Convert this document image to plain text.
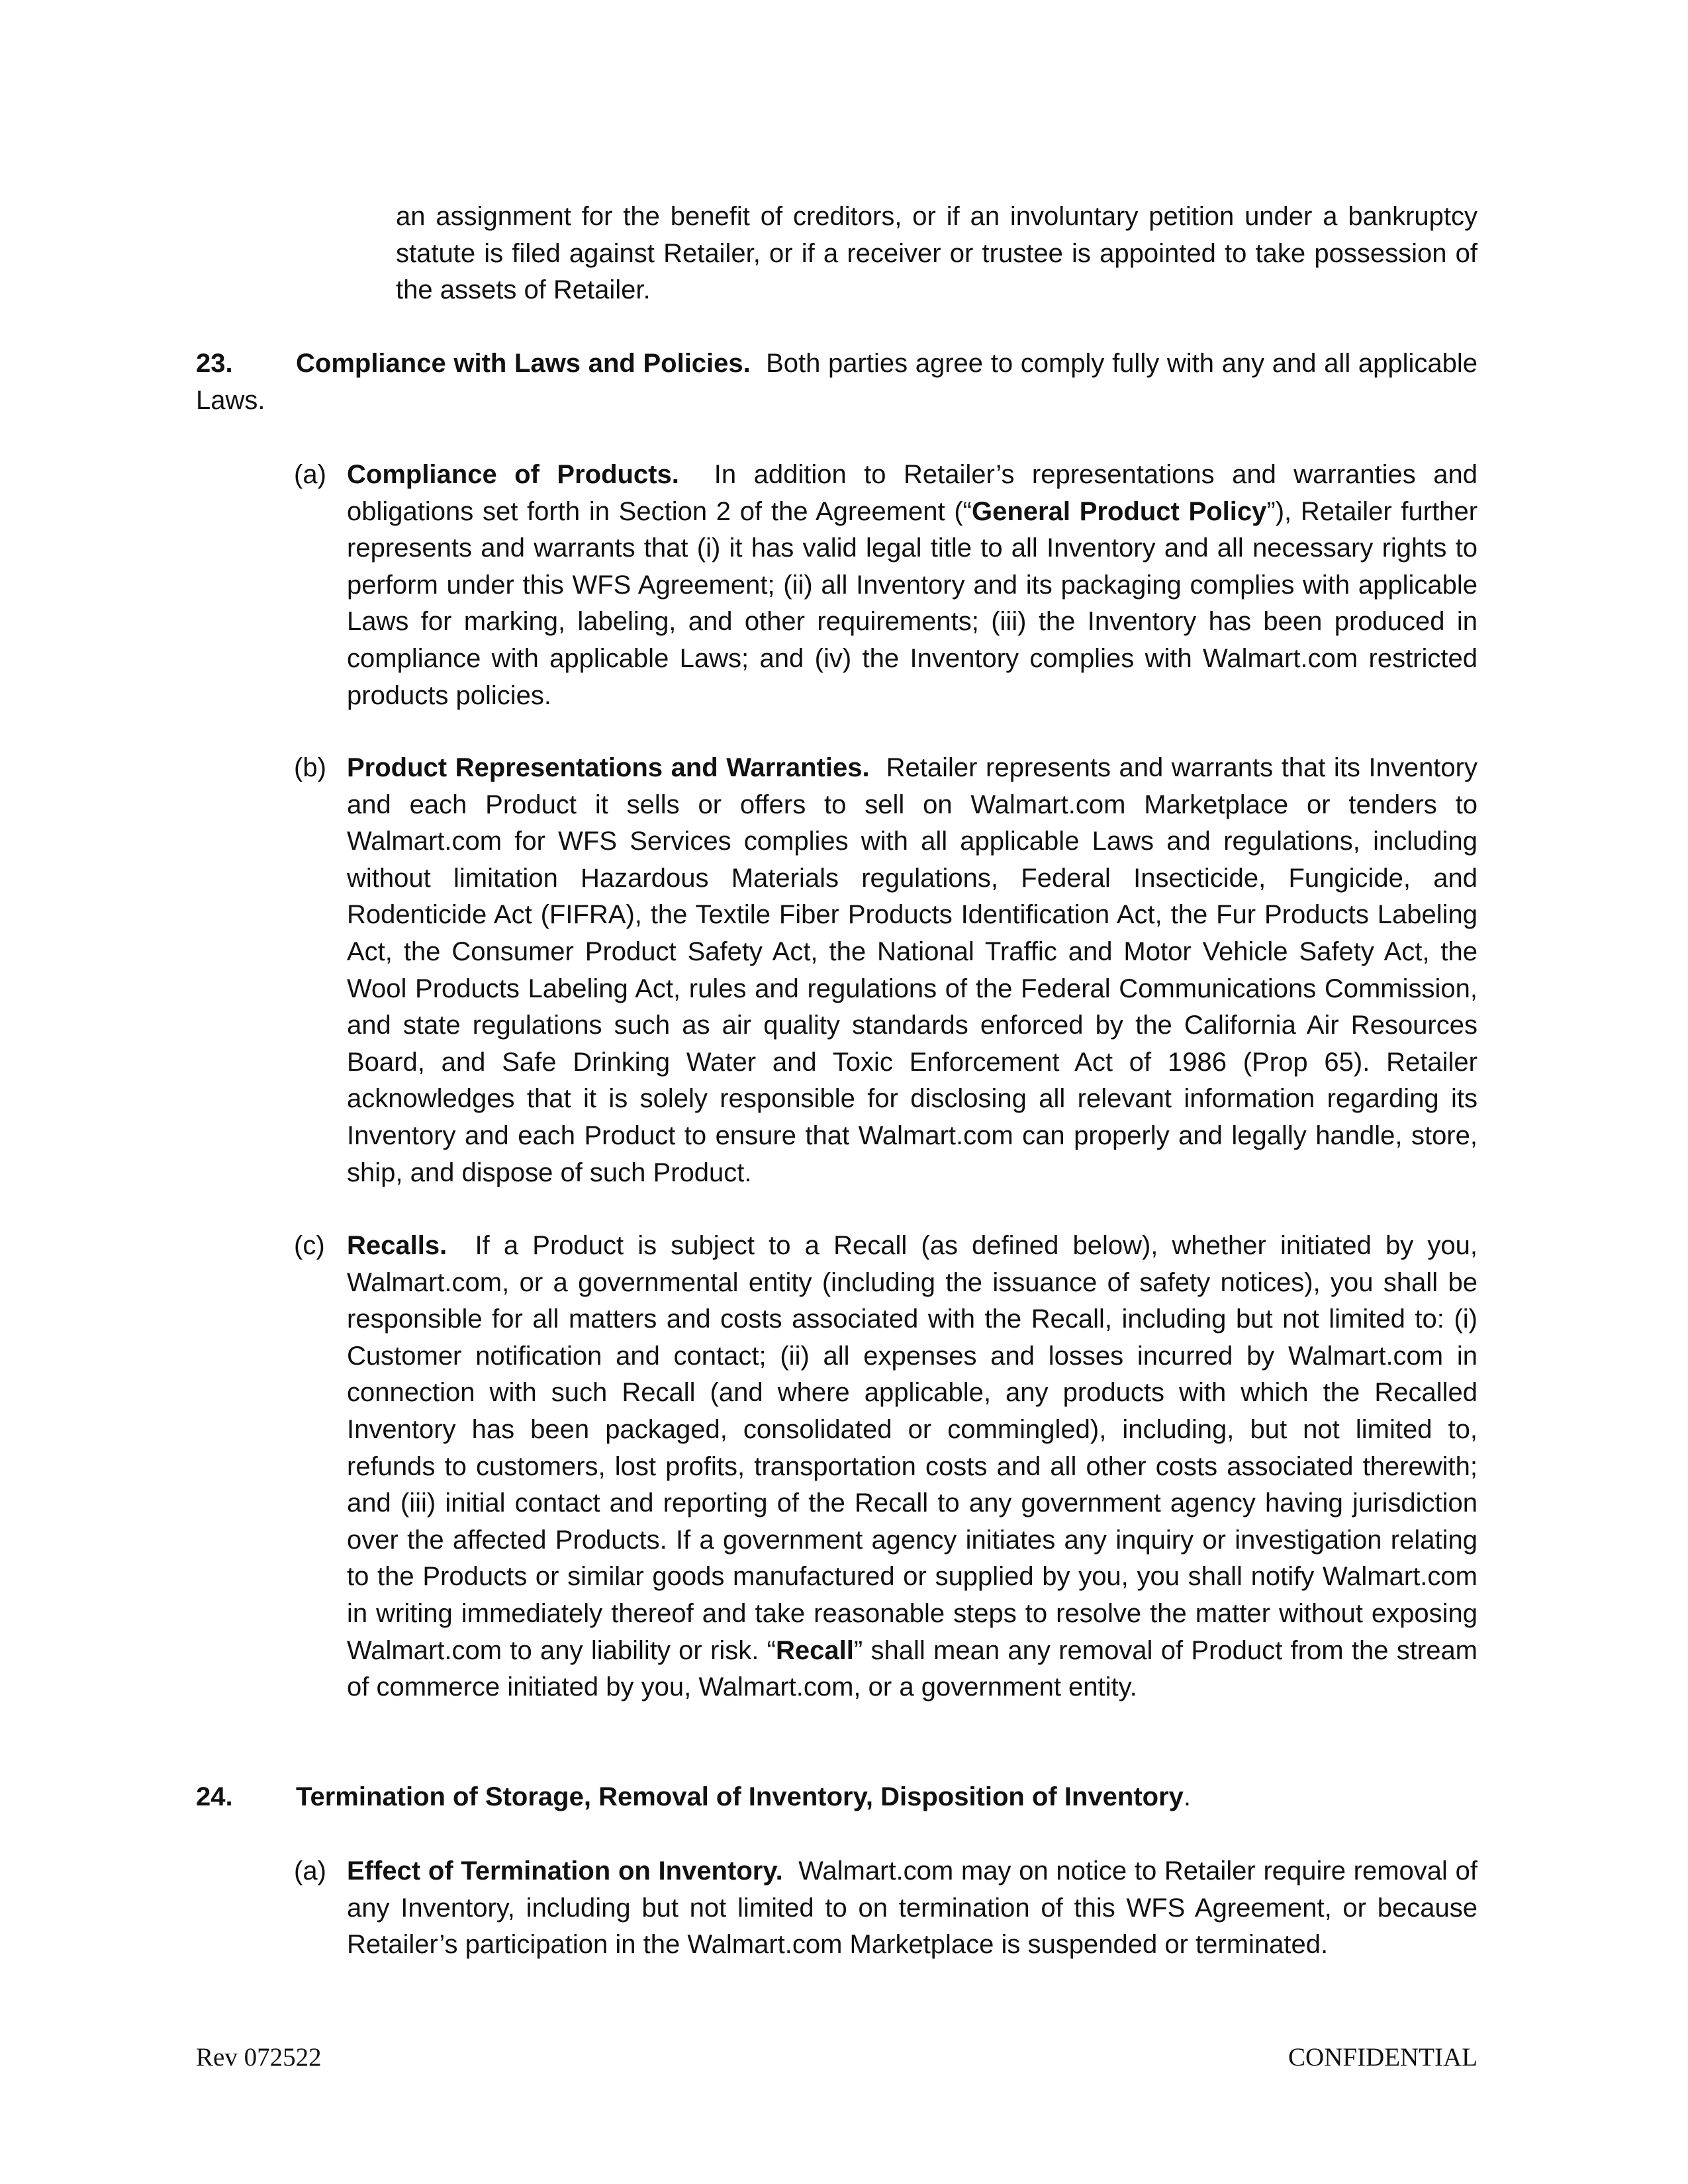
an assignment for the benefit of creditors, or if an involuntary petition under a bankruptcy statute is filed against Retailer, or if a receiver or trustee is appointed to take possession of the assets of Retailer.
23. Compliance with Laws and Policies. Both parties agree to comply fully with any and all applicable Laws.
(a) Compliance of Products. In addition to Retailer’s representations and warranties and obligations set forth in Section 2 of the Agreement (“General Product Policy”), Retailer further represents and warrants that (i) it has valid legal title to all Inventory and all necessary rights to perform under this WFS Agreement; (ii) all Inventory and its packaging complies with applicable Laws for marking, labeling, and other requirements; (iii) the Inventory has been produced in compliance with applicable Laws; and (iv) the Inventory complies with Walmart.com restricted products policies.
(b) Product Representations and Warranties. Retailer represents and warrants that its Inventory and each Product it sells or offers to sell on Walmart.com Marketplace or tenders to Walmart.com for WFS Services complies with all applicable Laws and regulations, including without limitation Hazardous Materials regulations, Federal Insecticide, Fungicide, and Rodenticide Act (FIFRA), the Textile Fiber Products Identification Act, the Fur Products Labeling Act, the Consumer Product Safety Act, the National Traffic and Motor Vehicle Safety Act, the Wool Products Labeling Act, rules and regulations of the Federal Communications Commission, and state regulations such as air quality standards enforced by the California Air Resources Board, and Safe Drinking Water and Toxic Enforcement Act of 1986 (Prop 65). Retailer acknowledges that it is solely responsible for disclosing all relevant information regarding its Inventory and each Product to ensure that Walmart.com can properly and legally handle, store, ship, and dispose of such Product.
(c) Recalls. If a Product is subject to a Recall (as defined below), whether initiated by you, Walmart.com, or a governmental entity (including the issuance of safety notices), you shall be responsible for all matters and costs associated with the Recall, including but not limited to: (i) Customer notification and contact; (ii) all expenses and losses incurred by Walmart.com in connection with such Recall (and where applicable, any products with which the Recalled Inventory has been packaged, consolidated or commingled), including, but not limited to, refunds to customers, lost profits, transportation costs and all other costs associated therewith; and (iii) initial contact and reporting of the Recall to any government agency having jurisdiction over the affected Products. If a government agency initiates any inquiry or investigation relating to the Products or similar goods manufactured or supplied by you, you shall notify Walmart.com in writing immediately thereof and take reasonable steps to resolve the matter without exposing Walmart.com to any liability or risk. “Recall” shall mean any removal of Product from the stream of commerce initiated by you, Walmart.com, or a government entity.
24. Termination of Storage, Removal of Inventory, Disposition of Inventory.
(a) Effect of Termination on Inventory. Walmart.com may on notice to Retailer require removal of any Inventory, including but not limited to on termination of this WFS Agreement, or because Retailer’s participation in the Walmart.com Marketplace is suspended or terminated.
Rev 072522	CONFIDENTIAL
